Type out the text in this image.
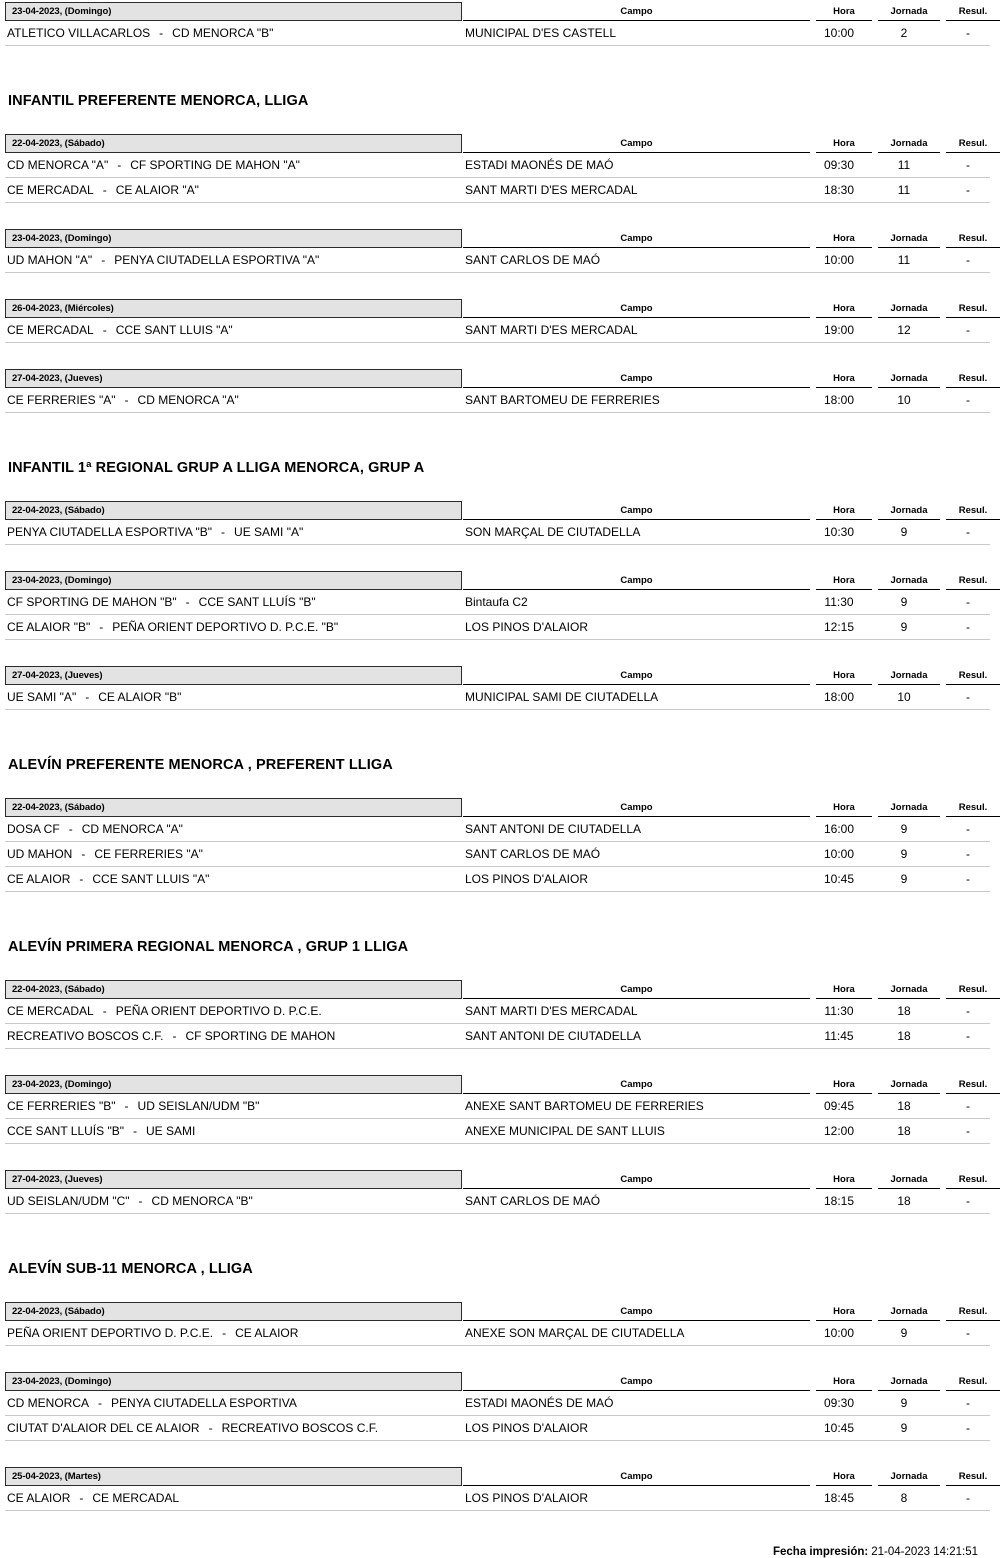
23-04-2023, (Domingo)	Campo	Hora	Jornada	Resul.
ATLETICO VILLACARLOS - CD MENORCA "B"	MUNICIPAL D'ES CASTELL	10:00	2	-
INFANTIL PREFERENTE MENORCA, LLIGA
22-04-2023, (Sábado)	Campo	Hora	Jornada	Resul.
CD MENORCA "A" - CF SPORTING DE MAHON "A"	ESTADI MAONÉS DE MAÓ	09:30	11	-
CE MERCADAL - CE ALAIOR "A"	SANT MARTI D'ES MERCADAL	18:30	11	-
23-04-2023, (Domingo)	Campo	Hora	Jornada	Resul.
UD MAHON "A" - PENYA CIUTADELLA ESPORTIVA "A"	SANT CARLOS DE MAÓ	10:00	11	-
26-04-2023, (Miércoles)	Campo	Hora	Jornada	Resul.
CE MERCADAL - CCE SANT LLUIS "A"	SANT MARTI D'ES MERCADAL	19:00	12	-
27-04-2023, (Jueves)	Campo	Hora	Jornada	Resul.
CE FERRERIES "A" - CD MENORCA "A"	SANT BARTOMEU DE FERRERIES	18:00	10	-
INFANTIL 1ª REGIONAL GRUP A LLIGA MENORCA, GRUP A
22-04-2023, (Sábado)	Campo	Hora	Jornada	Resul.
PENYA CIUTADELLA ESPORTIVA "B" - UE SAMI "A"	SON MARÇAL DE CIUTADELLA	10:30	9	-
23-04-2023, (Domingo)	Campo	Hora	Jornada	Resul.
CF SPORTING DE MAHON "B" - CCE SANT LLUÍS "B"	Bintaufa C2	11:30	9	-
CE ALAIOR "B" - PEÑA ORIENT DEPORTIVO D. P.C.E. "B"	LOS PINOS D'ALAIOR	12:15	9	-
27-04-2023, (Jueves)	Campo	Hora	Jornada	Resul.
UE SAMI "A" - CE ALAIOR "B"	MUNICIPAL SAMI DE CIUTADELLA	18:00	10	-
ALEVÍN PREFERENTE MENORCA , PREFERENT LLIGA
22-04-2023, (Sábado)	Campo	Hora	Jornada	Resul.
DOSA CF - CD MENORCA "A"	SANT ANTONI DE CIUTADELLA	16:00	9	-
UD MAHON - CE FERRERIES "A"	SANT CARLOS DE MAÓ	10:00	9	-
CE ALAIOR - CCE SANT LLUIS "A"	LOS PINOS D'ALAIOR	10:45	9	-
ALEVÍN PRIMERA REGIONAL MENORCA , GRUP 1 LLIGA
22-04-2023, (Sábado)	Campo	Hora	Jornada	Resul.
CE MERCADAL - PEÑA ORIENT DEPORTIVO D. P.C.E.	SANT MARTI D'ES MERCADAL	11:30	18	-
RECREATIVO BOSCOS C.F. - CF SPORTING DE MAHON	SANT ANTONI DE CIUTADELLA	11:45	18	-
23-04-2023, (Domingo)	Campo	Hora	Jornada	Resul.
CE FERRERIES "B" - UD SEISLAN/UDM "B"	ANEXE SANT BARTOMEU DE FERRERIES	09:45	18	-
CCE SANT LLUÍS "B" - UE SAMI	ANEXE MUNICIPAL DE SANT LLUIS	12:00	18	-
27-04-2023, (Jueves)	Campo	Hora	Jornada	Resul.
UD SEISLAN/UDM "C" - CD MENORCA "B"	SANT CARLOS DE MAÓ	18:15	18	-
ALEVÍN SUB-11 MENORCA , LLIGA
22-04-2023, (Sábado)	Campo	Hora	Jornada	Resul.
PEÑA ORIENT DEPORTIVO D. P.C.E. - CE ALAIOR	ANEXE SON MARÇAL DE CIUTADELLA	10:00	9	-
23-04-2023, (Domingo)	Campo	Hora	Jornada	Resul.
CD MENORCA - PENYA CIUTADELLA ESPORTIVA	ESTADI MAONÉS DE MAÓ	09:30	9	-
CIUTAT D'ALAIOR DEL CE ALAIOR - RECREATIVO BOSCOS C.F.	LOS PINOS D'ALAIOR	10:45	9	-
25-04-2023, (Martes)	Campo	Hora	Jornada	Resul.
CE ALAIOR - CE MERCADAL	LOS PINOS D'ALAIOR	18:45	8	-
Fecha impresión: 21-04-2023 14:21:51
